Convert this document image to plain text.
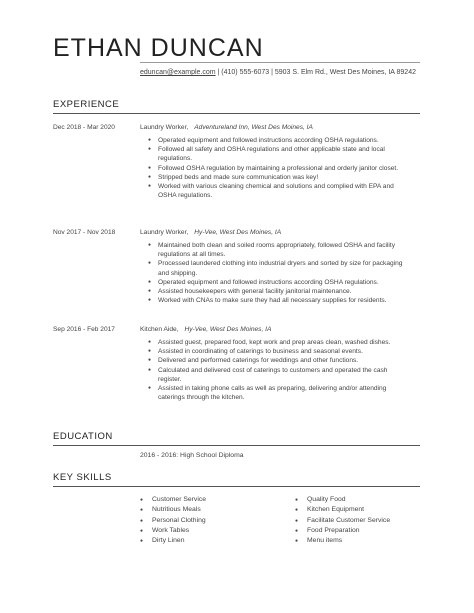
ETHAN DUNCAN
eduncan@example.com | (410) 555-6073 | 5903 S. Elm Rd., West Des Moines, IA 89242
EXPERIENCE
Dec 2018 - Mar 2020	Laundry Worker, Adventureland Inn, West Des Moines, IA
● Operated equipment and followed instructions according OSHA regulations.
● Followed all safety and OSHA regulations and other applicable state and local regulations.
● Followed OSHA regulation by maintaining a professional and orderly janitor closet.
● Stripped beds and made sure communication was key!
● Worked with various cleaning chemical and solutions and complied with EPA and OSHA regulations.
Nov 2017 - Nov 2018	Laundry Worker, Hy-Vee, West Des Moines, IA
● Maintained both clean and soiled rooms appropriately, followed OSHA and facility regulations at all times.
● Processed laundered clothing into industrial dryers and sorted by size for packaging and shipping.
● Operated equipment and followed instructions according OSHA regulations.
● Assisted housekeepers with general facility janitorial maintenance.
● Worked with CNAs to make sure they had all necessary supplies for residents.
Sep 2016 - Feb 2017	Kitchen Aide, Hy-Vee, West Des Moines, IA
● Assisted guest, prepared food, kept work and prep areas clean, washed dishes.
● Assisted in coordinating of caterings to business and seasonal events.
● Delivered and performed caterings for weddings and other functions.
● Calculated and delivered cost of caterings to customers and operated the cash register.
● Assisted in taking phone calls as well as preparing, delivering and/or attending caterings through the kitchen.
EDUCATION
2016 - 2016: High School Diploma
KEY SKILLS
● Customer Service
● Nutritious Meals
● Personal Clothing
● Work Tables
● Dirty Linen
● Quality Food
● Kitchen Equipment
● Facilitate Customer Service
● Food Preparation
● Menu items
